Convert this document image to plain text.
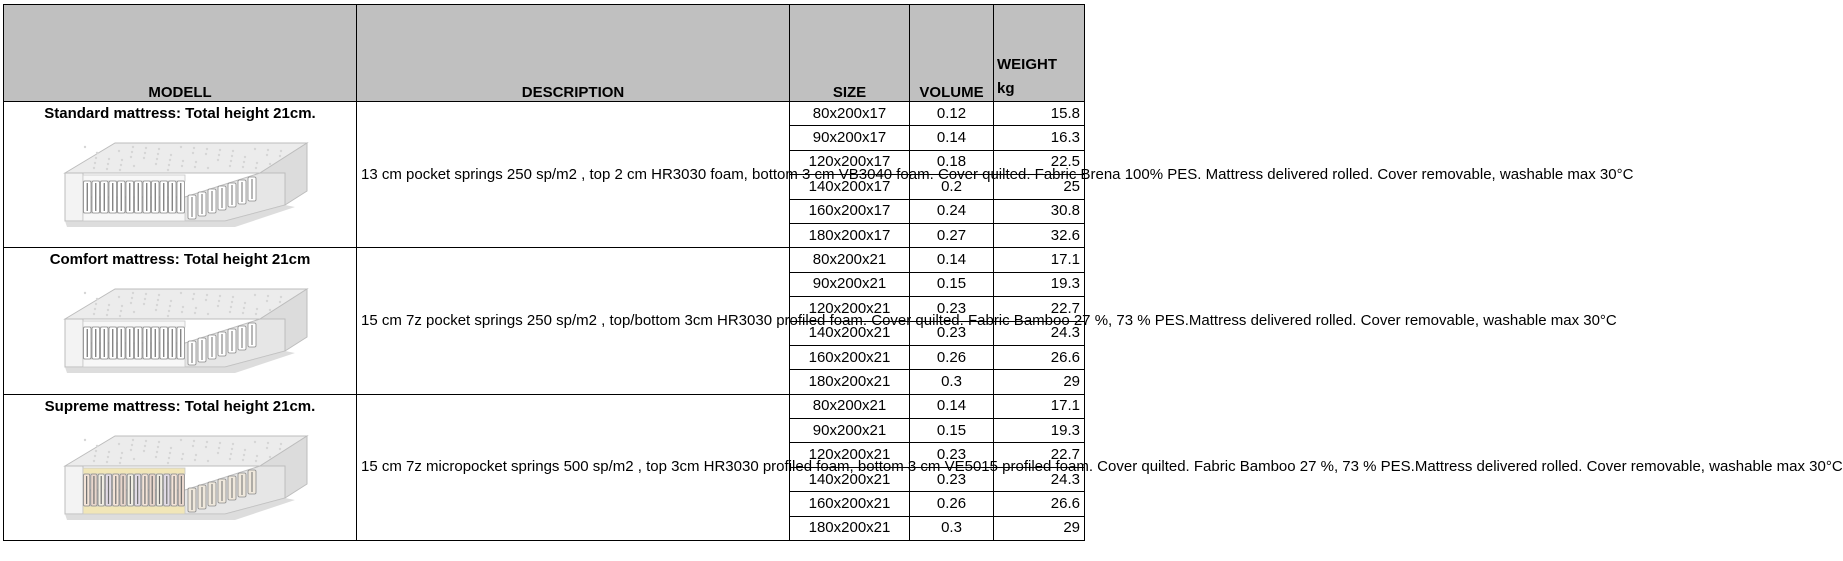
MODELL	DESCRIPTION	SIZE	VOLUME	WEIGHT
kg

Standard mattress: Total height 21cm.	13 cm pocket springs 250 sp/m2 , top 2 cm HR3030 foam, bottom 3 cm VB3040 foam. Cover quilted. Fabric Brena 100% PES. Mattress delivered rolled. Cover removable, washable max 30°C	80x200x17	0.12	15.8
		90x200x17	0.14	16.3
		120x200x17	0.18	22.5
		140x200x17	0.2	25
		160x200x17	0.24	30.8
		180x200x17	0.27	32.6

Comfort mattress: Total height 21cm	15 cm 7z pocket springs 250 sp/m2 , top/bottom 3cm HR3030 profiled foam. Cover quilted. Fabric Bamboo 27 %, 73 % PES.Mattress delivered rolled. Cover removable, washable max 30°C	80x200x21	0.14	17.1
		90x200x21	0.15	19.3
		120x200x21	0.23	22.7
		140x200x21	0.23	24.3
		160x200x21	0.26	26.6
		180x200x21	0.3	29

Supreme mattress: Total height 21cm.	15 cm 7z micropocket springs 500 sp/m2 , top 3cm HR3030 profiled foam, bottom 3 cm VE5015 profiled foam. Cover quilted. Fabric Bamboo 27 %, 73 % PES.Mattress delivered rolled. Cover removable, washable max 30°C	80x200x21	0.14	17.1
		90x200x21	0.15	19.3
		120x200x21	0.23	22.7
		140x200x21	0.23	24.3
		160x200x21	0.26	26.6
		180x200x21	0.3	29
